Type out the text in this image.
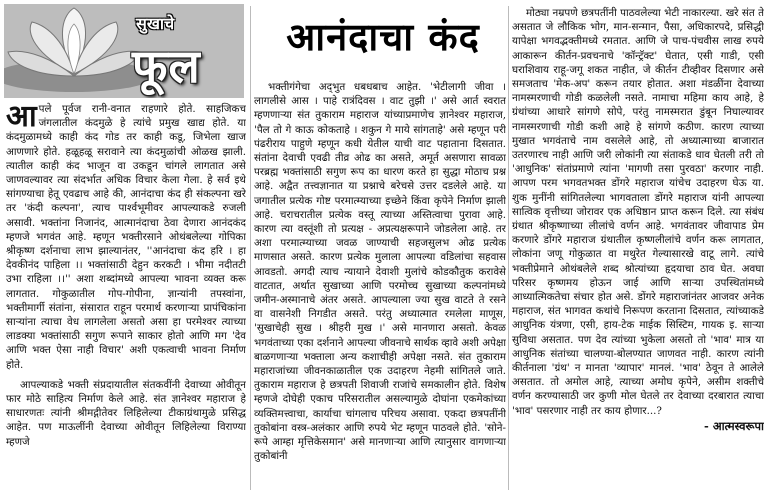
सुखाचे
फूल
आनंदाचा कंद

आपले पूर्वज रानी-वनात राहणारे होते. साहजिकच जंगलातील कंदमुळे हे त्यांचे प्रमुख खाद्य होते. या कंदमुळामध्ये काही कंद गोड तर काही कडू, जिभेला खाज आणणारे होते. हळूहळू सरावाने त्या कंदमुळांची ओळख झाली. त्यातील काही कंद भाजून वा उकडून चांगले लागतात असे जाणवल्यावर त्या संदर्भात अधिक विचार केला गेला. हे सर्व इथे सांगण्याचा हेतू एवढाच आहे की, आनंदाचा कंद ही संकल्पना खरे तर 'कंदी कल्पना', त्याच पार्श्वभूमीवर आपल्याकडे रुजली असावी. भक्तांना निजानंद, आत्मानंदाचा ठेवा देणारा आनंदकंद म्हणजे भगवंत आहे. म्हणून भक्तीरसाने ओथंबलेल्या गोपिका श्रीकृष्ण दर्शनाचा लाभ झाल्यानंतर, ''आनंदाचा कंद हरि । हा देवकीनंद पाहिला ।। भक्तांसाठी देहुन करकटी । भीमा नदीतटी उभा राहिला ।।'' अशा शब्दांमध्ये आपल्या भावना व्यक्त करू लागतात. गोकुळातील गोप-गोपीना, ज्ञान्यांनी तपस्वांना, भक्तीमार्गी संतांना, संसारात राहून परमार्थ करणाऱ्या प्रापंचिकांना सार्‍यांना त्याचा वेध लागलेला असतो असा हा परमेश्वर त्याच्या लाडक्या भक्तांसाठी सगुण रूपाने साकार होतो आणि मग 'देव आणि भक्त ऐसा नाही विचार' अशी एकत्वाची भावना निर्माण होते.

आपल्याकडे भक्ती संप्रदायातील संतकवींनी देवाच्या ओवीतून फार मोठे साहित्य निर्माण केले आहे. संत ज्ञानेश्वर महाराज हे साधारणतः त्यांनी श्रीमद्गीतेवर लिहिलेल्या टीकाग्रंथामुळे प्रसिद्ध आहेत. पण माऊलींनी देवाच्या ओवीतून लिहिलेल्या विराण्या म्हणजे

भक्तीगंगेचा अद्‌भुत धबधबाच आहेत. 'भेटीलागी जीवा । लागलीसे आस । पाहे रात्रंदिवस । वाट तुझी ।' असे आर्त स्वरात म्हणणाऱ्या संत तुकाराम महाराज यांच्याप्रमाणेच ज्ञानेश्वर महाराज, 'पैल तो गे काऊ कोकताहे । शकुन गे माये सांगताहे' असे म्हणून परी पंढरीराय पाहुणे म्हणून कधी येतील याची वाट पहाताना दिसतात. संतांना देवाची एवढी तीव्र ओढ का असते, अमूर्त असणारा सावळा परब्रह्म भक्तांसाठी सगुण रूप का धारण करते हा सुद्धा मोठाच प्रश्न आहे. अद्वैत तत्त्वज्ञानात या प्रश्नाचे बरेचसे उत्तर दडलेले आहे. या जगातील प्रत्येक गोष्ट परमात्म्याच्या इच्छेने किंवा कृपेने निर्माण झाली आहे. चराचरातील प्रत्येक वस्तू त्याच्या अस्तित्वाचा पुरावा आहे. कारण त्या वस्तूंशी तो प्रत्यक्ष - अप्रत्यक्षरूपाने जोडलेला आहे. तर अशा परमात्म्याच्या जवळ जाण्याची सहजसुलभ ओढ प्रत्येक माणसात असते. कारण प्रत्येक मुलाला आपल्या वडिलांचा सहवास आवडतो. अगदी त्याच न्यायाने देवाशी मुलांचे कोडकौतुक करावेसे वाटतात, अर्थात सुखाच्या आणि परमोच्च सुखाच्या कल्पनांमध्ये जमीन-अस्मानाचे अंतर असते. आपल्याला ज्या सुख वाटते ते रसने वा वासनेशी निगडीत असते. परंतु अध्यात्मात रमलेला माणूस, 'सुखाचेही सुख । श्रीहरी मुख ।' असे मानणारा असतो. केवळ भगवंताच्या एका दर्शनाने आपल्या जीवनाचे सार्थक व्हावे अशी अपेक्षा बाळगणाऱ्या भक्ताला अन्य कशाचीही अपेक्षा नसते. संत तुकाराम महाराजांच्या जीवनकाळातील एक उदाहरण नेहमी सांगितले जाते. तुकाराम महाराज हे छत्रपती शिवाजी राजांचे समकालीन होते. विशेष म्हणजे दोघेही एकाच परिसरातील असल्यामुळे दोघांना एकमेकांच्या व्यक्तिमत्त्वाचा, कार्याचा चांगलाच परिचय असावा. एकदा छत्रपतींनी तुकोबांना वस्त्र-अलंकार आणि रुपये भेट म्हणून पाठवले होते. 'सोने-रूपे आम्हा मृत्तिकेसमान' असे मानणाऱ्या आणि त्यानुसार वागणाऱ्या तुकोबांनी

मोठ्या नम्रपणे छत्रपतींनी पाठवलेल्या भेटी नाकारल्या. खरे संत ते असतात जे लौकिक भोग, मान-सन्मान, पैसा, अधिकारपदे, प्रसिद्धी यापेक्षा भगवद्भक्तीमध्ये रमतात. आणि जे पाच-पंचवीस लाख रुपये आकारून कीर्तन-प्रवचनाचे 'कॉन्ट्रॅक्ट' घेतात, एसी गाडी, एसी घराशिवाय राहू-जगू शकत नाहीत, जे कीर्तन टीव्हीवर दिसणार असे समजताच 'मेक-अप' करून तयार होतात. अशा मंडळींना देवाच्या नामस्मरणाची गोडी कळलेली नसते. नामाचा महिमा काय आहे, हे ग्रंथांच्या आधारे सांगणे सोपे, परंतु नामस्मरात डुंबून निघाल्यावर नामस्मरणाची गोडी कशी आहे हे सांगणे कठीण. कारण त्याच्या मुखात भगवंताचे नाम वसलेले आहे, तो अध्यात्माच्या बाजारात उतरणारच नाही आणि जरी लोकांनी त्या संताकडे धाव घेतली तरी तो 'आधुनिक' संतांप्रमाणे त्यांना 'मागणी तसा पुरवठा' करणार नाही. आपण परम भगवतभक्त डोंगरे महाराज यांचेच उदाहरण घेऊ या. शुक मुनींनी सांगितलेल्या भागवताला डोंगरे महाराज यांनी आपल्या सात्विक वृत्तीच्या जोरावर एक अधिष्ठान प्राप्त करून दिले. त्या संबंध ग्रंथात श्रीकृष्णाच्या लीलांचे वर्णन आहे. भगवंतावर जीवापाड प्रेम करणारे डोंगरे महाराज ग्रंथातील कृष्णलीलांचे वर्णन करू लागतात, लोकांना जणू गोकुळात वा मथुरेत गेल्यासारखे वाटू लागे. त्यांचे भक्तीप्रेमाने ओथंबलेले शब्द श्रोत्यांच्या हृदयाचा ठाव घेत. अवघा परिसर कृष्णमय होऊन जाई आणि सार्‍या उपस्थितांमध्ये आध्यात्मिकतेचा संचार होत असे. डोंगरे महाराजांनंतर आजवर अनेक महाराज, संत भागवत कथांचे निरूपण करताना दिसतात, त्यांच्याकडे आधुनिक यंत्रणा, एसी, हाय-टेक माईक सिस्टिम, गायक इ. साऱ्या सुविधा असतात. पण देव त्यांच्या भुकेला असतो तो 'भाव' मात्र या आधुनिक संतांच्या चालण्या-बोलण्यात जाणवत नाही. कारण त्यांनी कीर्तनाला 'ग्रंथ' न मानता 'व्यापार' मानलं. 'भाव' ठेवून ते आलेले असतात. तो अमोल आहे, त्याच्या अमोघ कृपेने, असीम शक्तीचे वर्णन करण्यासाठी जर कुणी मोल घेतले तर देवाच्या दरबारात त्याचा 'भाव' पसरणार नाही तर काय होणार...?

- आत्मस्वरूपा
